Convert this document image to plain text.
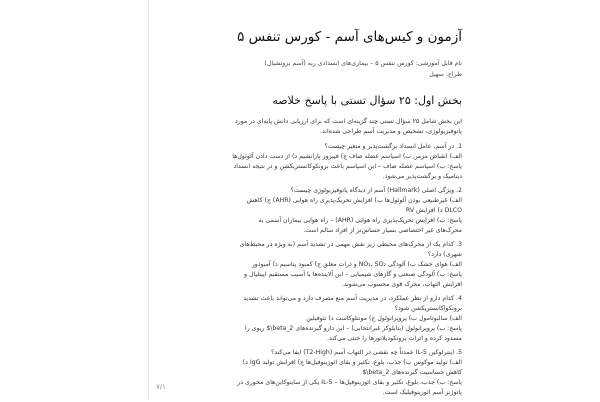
آزمون و کیس‌های آسم - کورس تنفس ۵
نام فایل آموزشی: کورس تنفس ۵ – بیماری‌های انسدادی ریه (آسم برونشیال)
طراح: سهیل
بخش اول: ۲۵ سؤال تستی با پاسخ خلاصه

این بخش شامل ۲۵ سؤال تستی چند گزینه‌ای است که برای ارزیابی دانش پایه‌ای در مورد پاتوفیزیولوژی، تشخیص و مدیریت آسم طراحی شده‌اند.

1. در آسم، عامل انسداد برگشت‌پذیر و متغیر چیست؟
الف) انقباض مزمن ب) اسپاسم عضله صاف ج) فیبروز پارانشیم د) از دست دادن آلوئول‌ها
پاسخ: ب) اسپاسم عضله صاف – این اسپاسم باعث برونکوکانستریکشن و در نتیجه انسداد دینامیک و برگشت‌پذیر می‌شود.
2. ویژگی اصلی (Hallmark) آسم از دیدگاه پاتوفیزیولوژی چیست؟
الف) غیرطبیعی بودن آلوئول‌ها ب) افزایش تحریک‌پذیری راه هوایی (AHR) ج) کاهش DLCO د) افزایش RV
پاسخ: ب) افزایش تحریک‌پذیری راه هوایی (AHR) – راه هوایی بیماران آسمی به محرک‌های غیر اختصاصی بسیار حساس‌تر از افراد سالم است.
3. کدام یک از محرک‌های محیطی زیر نقش مهمی در تشدید آسم (به ویژه در محیط‌های شهری) دارد؟
الف) هوای خشک ب) آلودگی NO₂, SO₂ و ذرات معلق ج) کمبود پتاسیم د) آمبودور
پاسخ: ب) آلودگی صنعتی و گازهای شیمیایی – این آلاینده‌ها با آسیب مستقیم اپیتلیال و افزایش التهاب، محرک قوی محسوب می‌شوند.
4. کدام دارو از نظر عملکرد، در مدیریت آسم منع مصرف دارد و می‌تواند باعث تشدید برونکواکانستریکشن شود؟
الف) سالبوتامول ب) پروپرانولول ج) مونتلوکاست د) تئوفیلین
پاسخ: ب) پروپرانولول (بتابلوکر غیرانتخابی) – این دارو گیرنده‌های beta_2\$ ریوی را مسدود کرده و اثرات برونکودیلاتورها را خنثی می‌کند.
5. اینترلوکین IL-5 عمدتاً چه نقشی در التهاب آسم (T2-High) ایفا می‌کند؟
الف) تولید موکوس ب) جذب، بلوغ، تکثیر و بقای ائوزینوفیل‌ها ج) افزایش تولید IgG د) کاهش حساسیت گیرنده‌های beta_2\$
پاسخ: ب) جذب، بلوغ، تکثیر و بقای ائوزینوفیل‌ها – IL-5 یکی از سایتوکاین‌های محوری در پاتوژنز آسم ائوزینوفیلیک است.
۷/۱
